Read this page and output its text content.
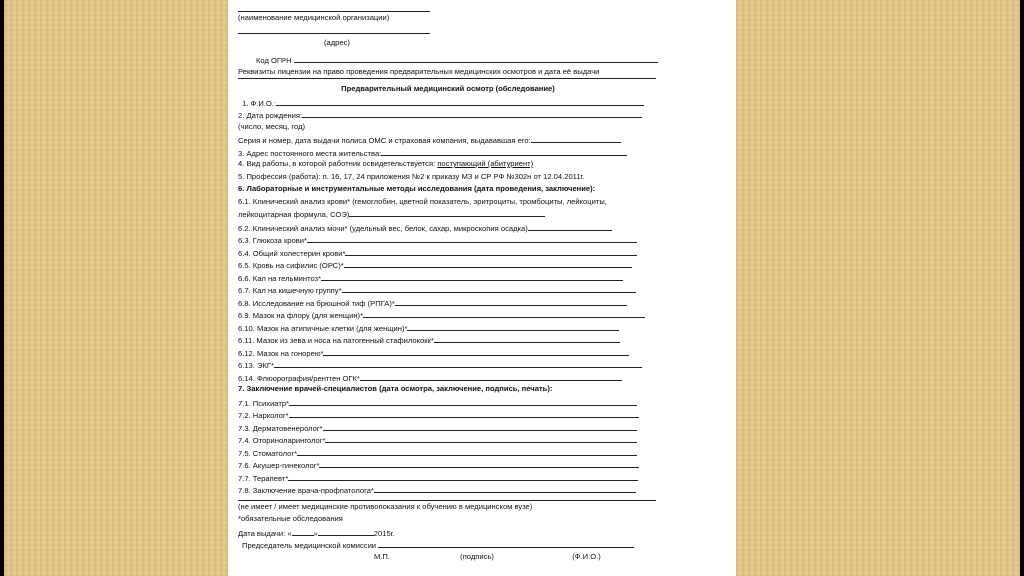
(наименование медицинской организации)
(адрес)
Код ОГРН
Реквизиты лицензии на право проведения предварительных медицинских осмотров и дата её выдачи
Предварительный медицинский осмотр (обследование)
1. Ф.И.О.:
2. Дата рождения:
(число, месяц, год)
Серия и номер, дата выдачи полиса ОМС и страховая компания, выдававшая его:
3. Адрес постоянного места жительства:
4. Вид работы, в которой работник освидетельствуется: поступающий (абитуриент)
5. Профессия (работа): п. 16, 17, 24 приложения №2 к приказу МЗ и СР РФ №302н от 12.04.2011г.
6. Лабораторные и инструментальные методы исследования (дата проведения, заключение):
6.1. Клинический анализ крови* (гемоглобин, цветной показатель, эритроциты, тромбоциты, лейкоциты, лейкоцитарная формула, СОЭ)
6.2. Клинический анализ мочи* (удельный вес, белок, сахар, микроскопия осадка)
6.3. Глюкоза крови*
6.4. Общий холестерин крови*
6.5. Кровь на сифилис (ОРС)*
6.6. Кал на гельминтоз*
6.7. Кал на кишечную группу*
6.8. Исследование на брюшной тиф (РПГА)*
6.9. Мазок на флору (для женщин)*
6.10. Мазок на атипичные клетки (для женщин)*
6.11. Мазок из зева и носа на патогенный стафилококк*
6.12. Мазок на гонорею*
6.13. ЭКГ*
6.14. Флюорография/рентген ОГК*
7. Заключение врачей-специалистов (дата осмотра, заключение, подпись, печать):
7.1. Психиатр*
7.2. Нарколог*
7.3. Дерматовенеролог*
7.4. Оториноларинголог*
7.5. Стоматолог*
7.6. Акушер-гинеколог*
7.7. Терапевт*
7.8. Заключение врача-профпатолога*
(не имеет / имеет медицинские противопоказания к обучению в медицинском вузе)
*обязательные обследования
Дата выдачи: «	»	2015г.
Председатель медицинской комиссии
М.П.	(подпись)	(Ф.И.О.)
